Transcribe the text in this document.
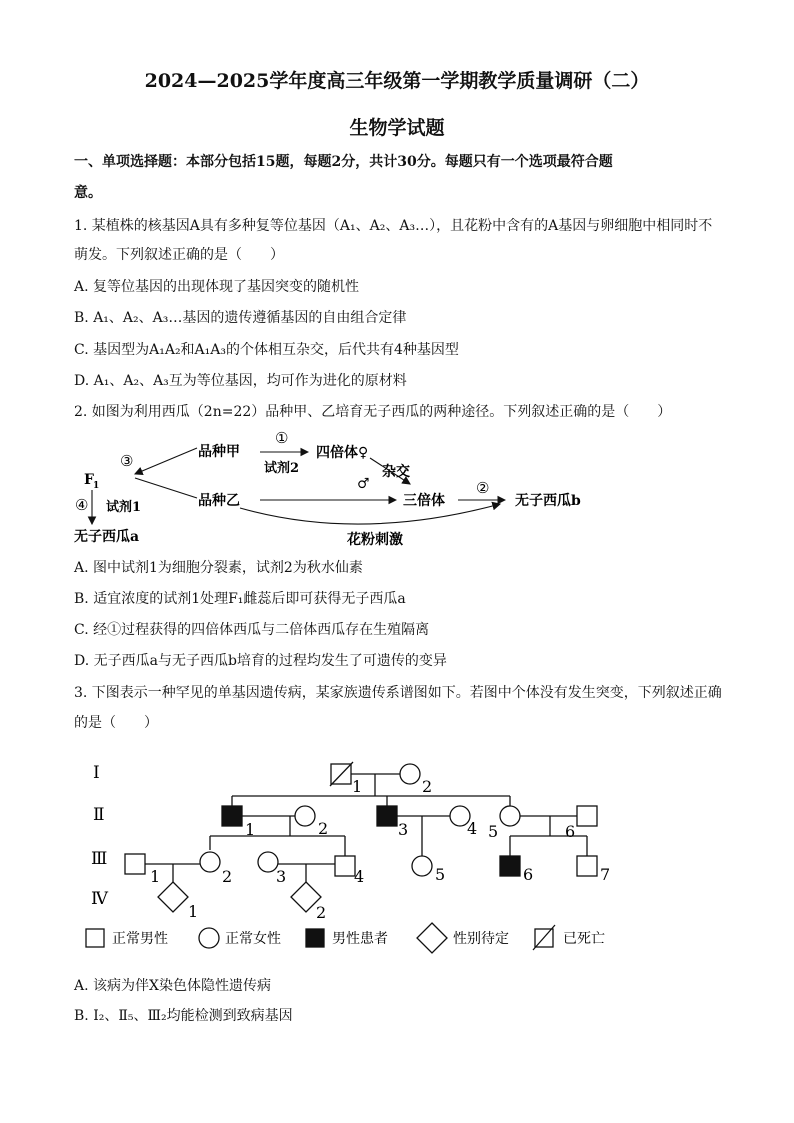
2024—2025学年度高三年级第一学期教学质量调研（二）
生物学试题
一、单项选择题：本部分包括15题，每题2分，共计30分。每题只有一个选项最符合题
意。
1. 某植株的核基因A具有多种复等位基因（A₁、A₂、A₃…），且花粉中含有的A基因与卵细胞中相同时不
萌发。下列叙述正确的是（　　）
A. 复等位基因的出现体现了基因突变的随机性
B. A₁、A₂、A₃…基因的遗传遵循基因的自由组合定律
C. 基因型为A₁A₂和A₁A₃的个体相互杂交，后代共有4种基因型
D. A₁、A₂、A₃互为等位基因，均可作为进化的原材料
2. 如图为利用西瓜（2n=22）品种甲、乙培育无子西瓜的两种途径。下列叙述正确的是（　　）
品种甲
品种乙
①
试剂2
四倍体♀
杂交
♂
三倍体
②
无子西瓜b
③
F 1
④ 试剂1
无子西瓜a	花粉刺激
A. 图中试剂1为细胞分裂素，试剂2为秋水仙素
B. 适宜浓度的试剂1处理F₁雌蕊后即可获得无子西瓜a
C. 经①过程获得的四倍体西瓜与二倍体西瓜存在生殖隔离
D. 无子西瓜a与无子西瓜b培育的过程均发生了可遗传的变异
3. 下图表示一种罕见的单基因遗传病，某家族遗传系谱图如下。若图中个体没有发生突变，下列叙述正确
的是（　　）
Ⅰ
Ⅱ
Ⅲ
Ⅳ
1	2
1	2	3	4 5	6
1	2	3	4	5	6	7
1	2
正常男性	正常女性	男性患者	性别待定	已死亡
A. 该病为伴X染色体隐性遗传病
B. Ⅰ₂、Ⅱ₅、Ⅲ₂均能检测到致病基因
